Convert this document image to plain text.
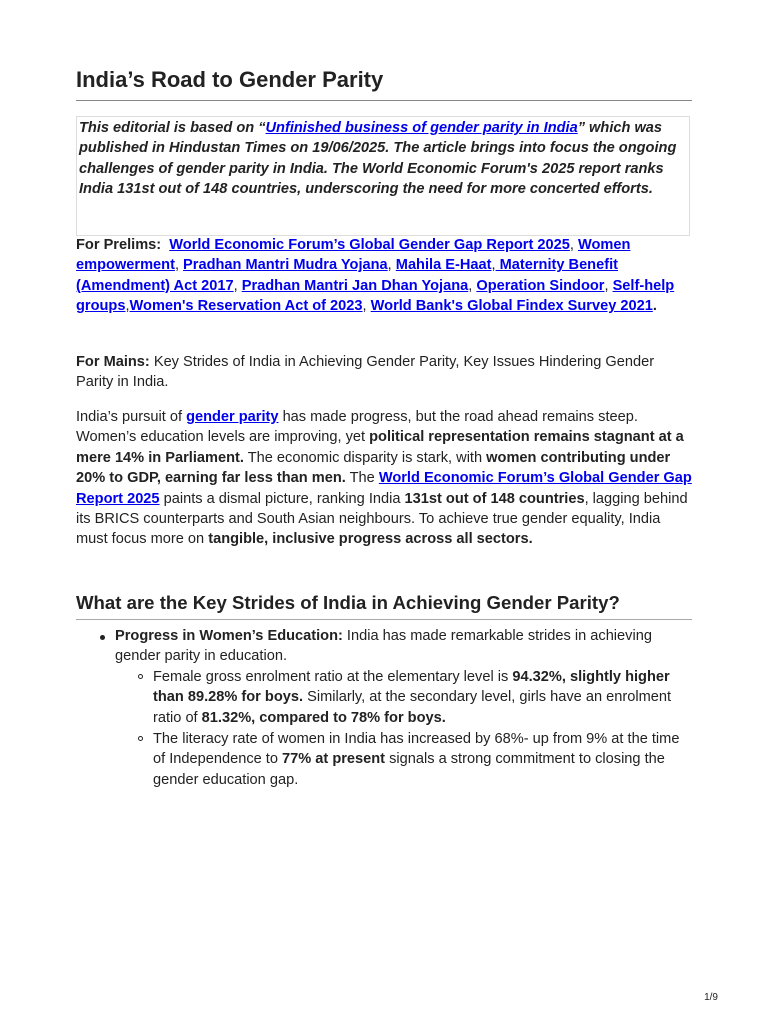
India’s Road to Gender Parity
This editorial is based on “Unfinished business of gender parity in India” which was published in Hindustan Times on 19/06/2025. The article brings into focus the ongoing challenges of gender parity in India. The World Economic Forum's 2025 report ranks India 131st out of 148 countries, underscoring the need for more concerted efforts.

For Prelims: World Economic Forum’s Global Gender Gap Report 2025, Women empowerment, Pradhan Mantri Mudra Yojana, Mahila E-Haat, Maternity Benefit (Amendment) Act 2017, Pradhan Mantri Jan Dhan Yojana, Operation Sindoor, Self-help groups,Women's Reservation Act of 2023, World Bank's Global Findex Survey 2021.

For Mains: Key Strides of India in Achieving Gender Parity, Key Issues Hindering Gender Parity in India.

India’s pursuit of gender parity has made progress, but the road ahead remains steep. Women’s education levels are improving, yet political representation remains stagnant at a mere 14% in Parliament. The economic disparity is stark, with women contributing under 20% to GDP, earning far less than men. The World Economic Forum’s Global Gender Gap Report 2025 paints a dismal picture, ranking India 131st out of 148 countries, lagging behind its BRICS counterparts and South Asian neighbours. To achieve true gender equality, India must focus more on tangible, inclusive progress across all sectors.

What are the Key Strides of India in Achieving Gender Parity?
Progress in Women’s Education: India has made remarkable strides in achieving gender parity in education.
Female gross enrolment ratio at the elementary level is 94.32%, slightly higher than 89.28% for boys. Similarly, at the secondary level, girls have an enrolment ratio of 81.32%, compared to 78% for boys.
The literacy rate of women in India has increased by 68%- up from 9% at the time of Independence to 77% at present signals a strong commitment to closing the gender education gap.
1/9
